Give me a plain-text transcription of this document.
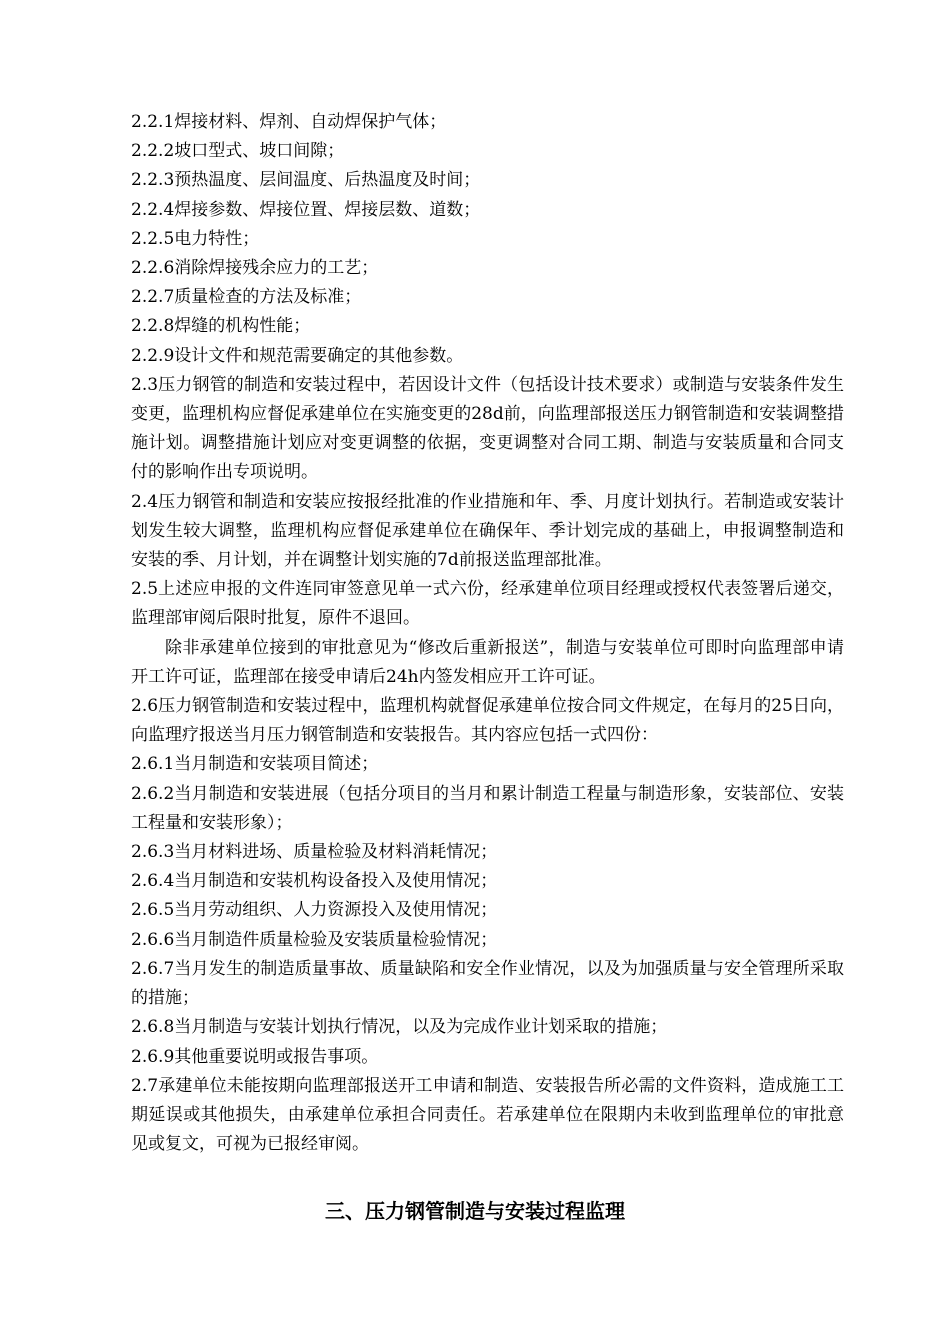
2.2.1焊接材料、焊剂、自动焊保护气体；

2.2.2坡口型式、坡口间隙；

2.2.3预热温度、层间温度、后热温度及时间；

2.2.4焊接参数、焊接位置、焊接层数、道数；

2.2.5电力特性；

2.2.6消除焊接残余应力的工艺；

2.2.7质量检查的方法及标准；

2.2.8焊缝的机构性能；

2.2.9设计文件和规范需要确定的其他参数。

2.3压力钢管的制造和安装过程中，若因设计文件（包括设计技术要求）或制造与安装条件发生变更，监理机构应督促承建单位在实施变更的28d前，向监理部报送压力钢管制造和安装调整措施计划。调整措施计划应对变更调整的依据，变更调整对合同工期、制造与安装质量和合同支付的影响作出专项说明。

2.4压力钢管和制造和安装应按报经批准的作业措施和年、季、月度计划执行。若制造或安装计划发生较大调整，监理机构应督促承建单位在确保年、季计划完成的基础上，申报调整制造和安装的季、月计划，并在调整计划实施的7d前报送监理部批准。

2.5上述应申报的文件连同审签意见单一式六份，经承建单位项目经理或授权代表签署后递交，监理部审阅后限时批复，原件不退回。

除非承建单位接到的审批意见为“修改后重新报送”，制造与安装单位可即时向监理部申请开工许可证，监理部在接受申请后24h内签发相应开工许可证。

2.6压力钢管制造和安装过程中，监理机构就督促承建单位按合同文件规定，在每月的25日向，向监理疗报送当月压力钢管制造和安装报告。其内容应包括一式四份：

2.6.1当月制造和安装项目简述；

2.6.2当月制造和安装进展（包括分项目的当月和累计制造工程量与制造形象，安装部位、安装工程量和安装形象）；

2.6.3当月材料进场、质量检验及材料消耗情况；

2.6.4当月制造和安装机构设备投入及使用情况；

2.6.5当月劳动组织、人力资源投入及使用情况；

2.6.6当月制造件质量检验及安装质量检验情况；

2.6.7当月发生的制造质量事故、质量缺陷和安全作业情况，以及为加强质量与安全管理所采取的措施；

2.6.8当月制造与安装计划执行情况，以及为完成作业计划采取的措施；

2.6.9其他重要说明或报告事项。

2.7承建单位未能按期向监理部报送开工申请和制造、安装报告所必需的文件资料，造成施工工期延误或其他损失，由承建单位承担合同责任。若承建单位在限期内未收到监理单位的审批意见或复文，可视为已报经审阅。

三、压力钢管制造与安装过程监理
